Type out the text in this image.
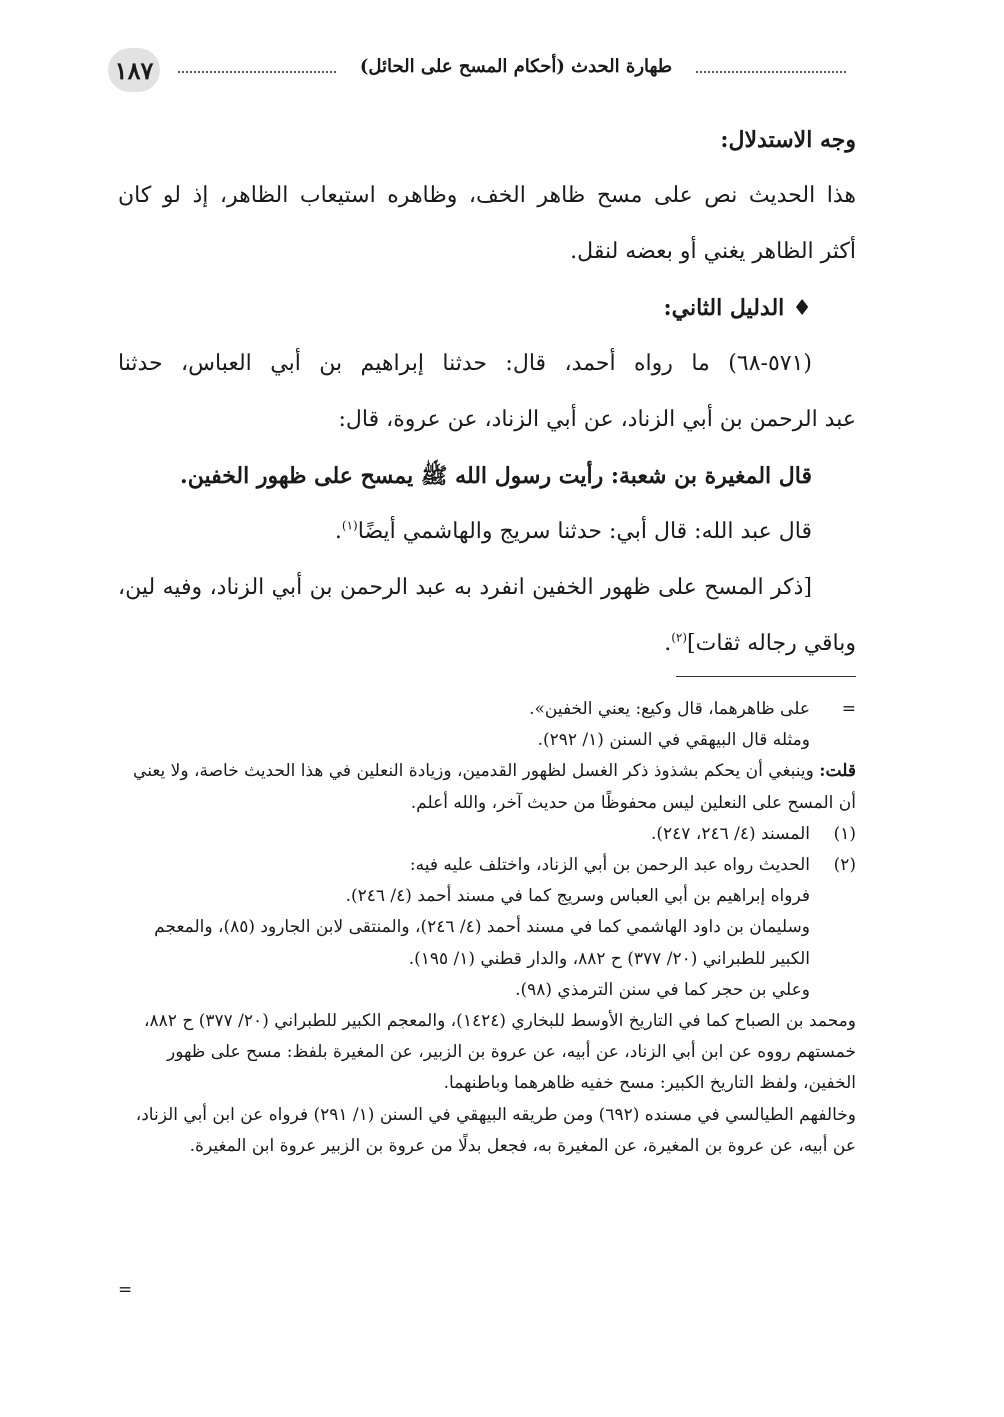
١٨٧	طهارة الحدث (أحكام المسح على الحائل)

وجه الاستدلال:

هذا الحديث نص على مسح ظاهر الخف، وظاهره استيعاب الظاهر، إذ لو كان

أكثر الظاهر يغني أو بعضه لنقل.

♦الدليل الثاني:

(٥٧١-٦٨) ما رواه أحمد، قال: حدثنا إبراهيم بن أبي العباس، حدثنا

عبد الرحمن بن أبي الزناد، عن أبي الزناد، عن عروة، قال:

قال المغيرة بن شعبة: رأيت رسول الله ﷺ يمسح على ظهور الخفين.

قال عبد الله: قال أبي: حدثنا سريج والهاشمي أيضًا$^{(١)}$.

[ذكر المسح على ظهور الخفين انفرد به عبد الرحمن بن أبي الزناد، وفيه لين،

وباقي رجاله ثقات]$^{(٢)}$.

=
على ظاهرهما، قال وكيع: يعني الخفين».
ومثله قال البيهقي في السنن (١/ ٢٩٢).

قلت: وينبغي أن يحكم بشذوذ ذكر الغسل لظهور القدمين، وزيادة النعلين في هذا الحديث خاصة، ولا يعني أن المسح على النعلين ليس محفوظًا من حديث آخر، والله أعلم.

(١)
المسند (٤/ ٢٤٦، ٢٤٧).
(٢)
الحديث رواه عبد الرحمن بن أبي الزناد، واختلف عليه فيه:
فرواه إبراهيم بن أبي العباس وسريج كما في مسند أحمد (٤/ ٢٤٦).
وسليمان بن داود الهاشمي كما في مسند أحمد (٤/ ٢٤٦)، والمنتقى لابن الجارود (٨٥)، والمعجم الكبير للطبراني (٢٠/ ٣٧٧) ح ٨٨٢، والدار قطني (١/ ١٩٥).
وعلي بن حجر كما في سنن الترمذي (٩٨).

ومحمد بن الصباح كما في التاريخ الأوسط للبخاري (١٤٢٤)، والمعجم الكبير للطبراني (٢٠/ ٣٧٧) ح ٨٨٢، خمستهم رووه عن ابن أبي الزناد، عن أبيه، عن عروة بن الزبير، عن المغيرة بلفظ: مسح على ظهور الخفين، ولفظ التاريخ الكبير: مسح خفيه ظاهرهما وباطنهما.

وخالفهم الطيالسي في مسنده (٦٩٢) ومن طريقه البيهقي في السنن (١/ ٢٩١) فرواه عن ابن أبي الزناد، عن أبيه، عن عروة بن المغيرة، عن المغيرة به، فجعل بدلًا من عروة بن الزبير عروة ابن المغيرة.

=
